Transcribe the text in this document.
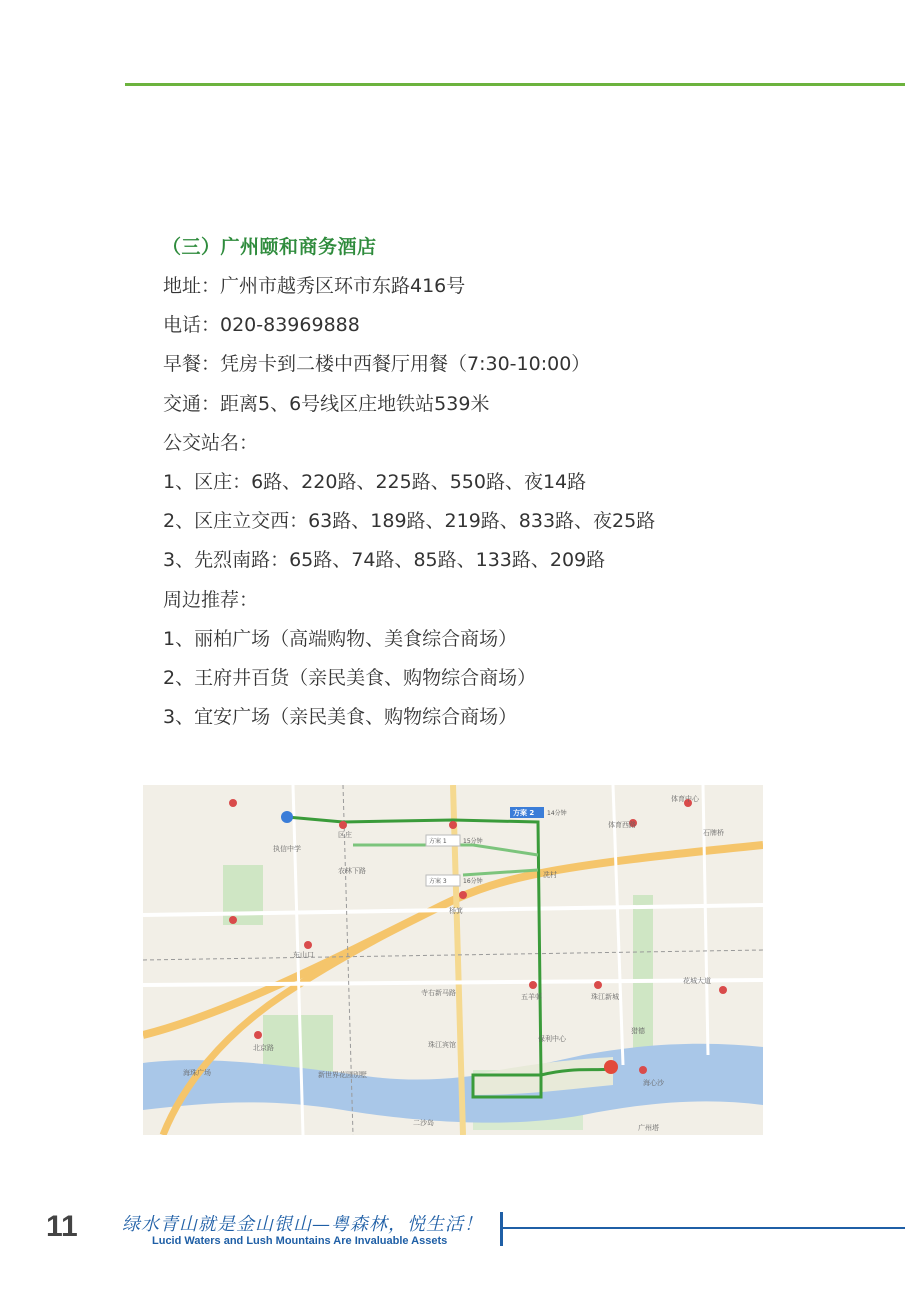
（三）广州颐和商务酒店
地址：广州市越秀区环市东路416号
电话：020-83969888
早餐：凭房卡到二楼中西餐厅用餐（7:30-10:00）
交通：距离5、6号线区庄地铁站539米
公交站名：
1、区庄：6路、220路、225路、550路、夜14路
2、区庄立交西：63路、189路、219路、833路、夜25路
3、先烈南路：65路、74路、85路、133路、209路
周边推荐：
1、丽柏广场（高端购物、美食综合商场）
2、王府井百货（亲民美食、购物综合商场）
3、宜安广场（亲民美食、购物综合商场）
方案 2 14分钟
方案 1	15分钟
方案 3	16分钟
体育中心
石牌桥
体育西路
执信中学
区庄
杨箕
东山口
五羊邨	珠江新城
花城大道
猎德
海心沙
广州塔
北京路
海珠广场
二沙岛
新世界花园别墅
寺右新马路
农林下路
珠江宾馆
冼村
保利中心
11 绿水青山就是金山银山—粤森林，悦生活！
Lucid Waters and Lush Mountains Are Invaluable Assets
